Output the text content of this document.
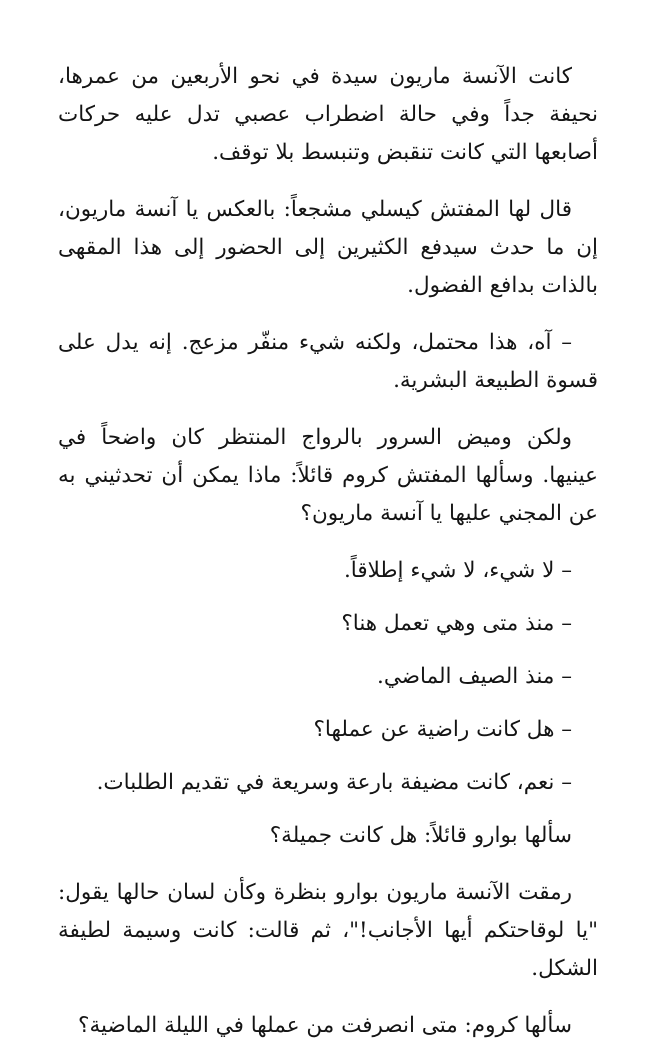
كانت الآنسة ماريون سيدة في نحو الأربعين من عمرها، نحيفة جداً وفي حالة اضطراب عصبي تدل عليه حركات أصابعها التي كانت تنقبض وتنبسط بلا توقف.

قال لها المفتش كيسلي مشجعاً: بالعكس يا آنسة ماريون، إن ما حدث سيدفع الكثيرين إلى الحضور إلى هذا المقهى بالذات بدافع الفضول.

– آه، هذا محتمل، ولكنه شيء منفّر مزعج. إنه يدل على قسوة الطبيعة البشرية.

ولكن وميض السرور بالرواج المنتظر كان واضحاً في عينيها. وسألها المفتش كروم قائلاً: ماذا يمكن أن تحدثيني به عن المجني عليها يا آنسة ماريون؟

– لا شيء، لا شيء إطلاقاً.

– منذ متى وهي تعمل هنا؟

– منذ الصيف الماضي.

– هل كانت راضية عن عملها؟

– نعم، كانت مضيفة بارعة وسريعة في تقديم الطلبات.

سألها بوارو قائلاً: هل كانت جميلة؟

رمقت الآنسة ماريون بوارو بنظرة وكأن لسان حالها يقول: "يا لوقاحتكم أيها الأجانب!"، ثم قالت: كانت وسيمة لطيفة الشكل.

سألها كروم: متى انصرفت من عملها في الليلة الماضية؟
